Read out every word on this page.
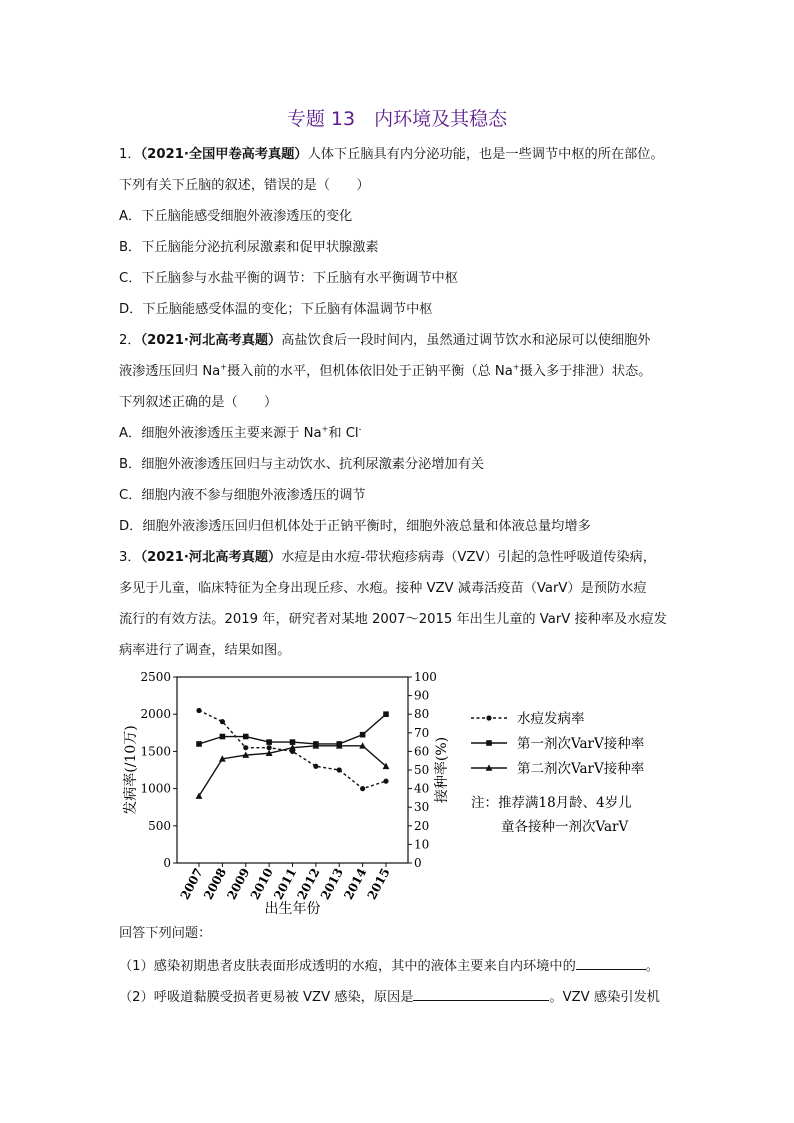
专题 13　内环境及其稳态
1．（2021·全国甲卷高考真题）人体下丘脑具有内分泌功能，也是一些调节中枢的所在部位。
下列有关下丘脑的叙述，错误的是（　　）
A．下丘脑能感受细胞外液渗透压的变化
B．下丘脑能分泌抗利尿激素和促甲状腺激素
C．下丘脑参与水盐平衡的调节：下丘脑有水平衡调节中枢
D．下丘脑能感受体温的变化；下丘脑有体温调节中枢
2．（2021·河北高考真题）高盐饮食后一段时间内，虽然通过调节饮水和泌尿可以使细胞外
液渗透压回归 Na+摄入前的水平，但机体依旧处于正钠平衡（总 Na+摄入多于排泄）状态。
下列叙述正确的是（　　）
A．细胞外液渗透压主要来源于 Na+和 Cl-
B．细胞外液渗透压回归与主动饮水、抗利尿激素分泌增加有关
C．细胞内液不参与细胞外液渗透压的调节
D．细胞外液渗透压回归但机体处于正钠平衡时，细胞外液总量和体液总量均增多
3．（2021·河北高考真题）水痘是由水痘-带状疱疹病毒（VZV）引起的急性呼吸道传染病，
多见于儿童，临床特征为全身出现丘疹、水疱。接种 VZV 减毒活疫苗（VarV）是预防水痘
流行的有效方法。2019 年，研究者对某地 2007～2015 年出生儿童的 VarV 接种率及水痘发
病率进行了调查，结果如图。
0
500
1000
1500
2000
2500
0
10
20
30
40
50
60
70
80
90
100
2007
2008
2009
2010
2011
2012
2013
2014
2015
发病率(/10万)	接种率(%)
出生年份
水痘发病率
第一剂次VarV接种率
第二剂次VarV接种率
注：推荐满18月龄、4岁儿
童各接种一剂次VarV
回答下列问题：
（1）感染初期患者皮肤表面形成透明的水疱，其中的液体主要来自内环境中的	。
（2）呼吸道黏膜受损者更易被 VZV 感染，原因是	。VZV 感染引发机
